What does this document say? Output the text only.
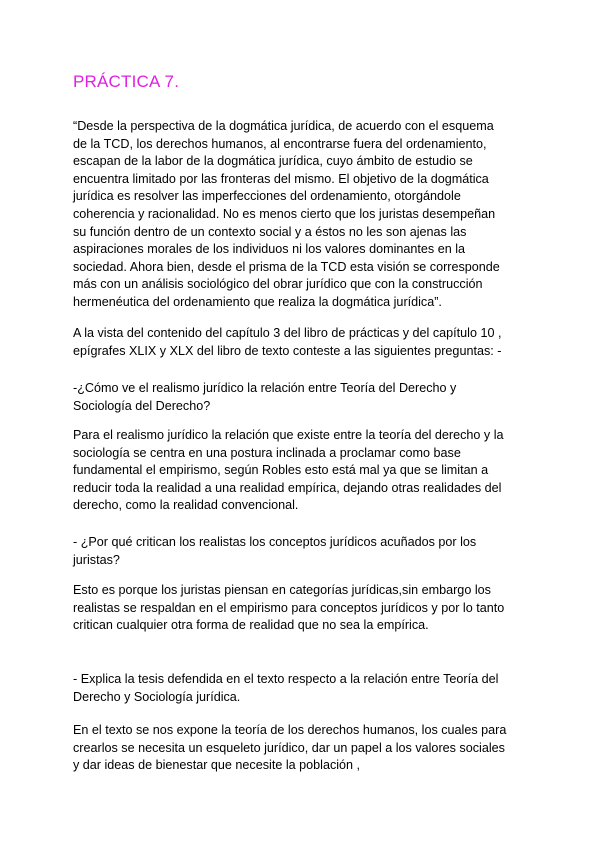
PRÁCTICA 7.

“Desde la perspectiva de la dogmática jurídica, de acuerdo con el esquema
de la TCD, los derechos humanos, al encontrarse fuera del ordenamiento,
escapan de la labor de la dogmática jurídica, cuyo ámbito de estudio se
encuentra limitado por las fronteras del mismo. El objetivo de la dogmática
jurídica es resolver las imperfecciones del ordenamiento, otorgándole
coherencia y racionalidad. No es menos cierto que los juristas desempeñan
su función dentro de un contexto social y a éstos no les son ajenas las
aspiraciones morales de los individuos ni los valores dominantes en la
sociedad. Ahora bien, desde el prisma de la TCD esta visión se corresponde
más con un análisis sociológico del obrar jurídico que con la construcción
hermenéutica del ordenamiento que realiza la dogmática jurídica”.

A la vista del contenido del capítulo 3 del libro de prácticas y del capítulo 10 ,
epígrafes XLIX y XLX del libro de texto conteste a las siguientes preguntas: -

-¿Cómo ve el realismo jurídico la relación entre Teoría del Derecho y
Sociología del Derecho?

Para el realismo jurídico la relación que existe entre la teoría del derecho y la
sociología se centra en una postura inclinada a proclamar como base
fundamental el empirismo, según Robles esto está mal ya que se limitan a
reducir toda la realidad a una realidad empírica, dejando otras realidades del
derecho, como la realidad convencional.

- ¿Por qué critican los realistas los conceptos jurídicos acuñados por los
juristas?

Esto es porque los juristas piensan en categorías jurídicas,sin embargo los
realistas se respaldan en el empirismo para conceptos jurídicos y por lo tanto
critican cualquier otra forma de realidad que no sea la empírica.

- Explica la tesis defendida en el texto respecto a la relación entre Teoría del
Derecho y Sociología jurídica.

En el texto se nos expone la teoría de los derechos humanos, los cuales para
crearlos se necesita un esqueleto jurídico, dar un papel a los valores sociales
y dar ideas de bienestar que necesite la población ,
